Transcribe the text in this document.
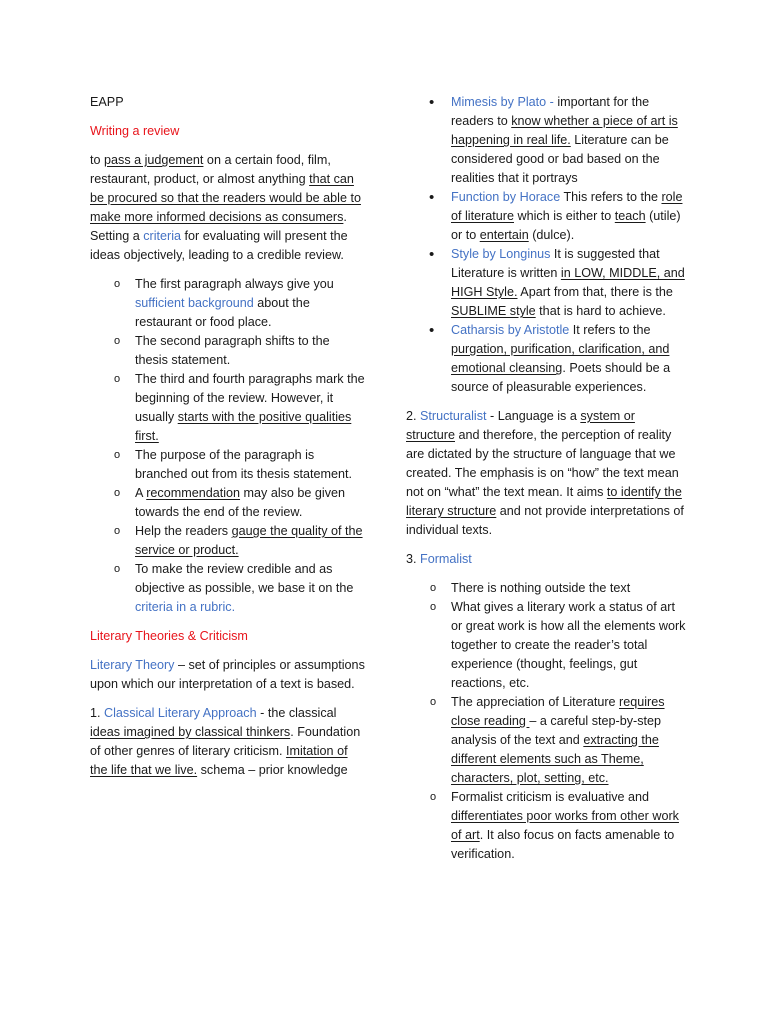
EAPP

Writing a review

to pass a judgement on a certain food, film, restaurant, product, or almost anything that can be procured so that the readers would be able to make more informed decisions as consumers. Setting a criteria for evaluating will present the ideas objectively, leading to a credible review.

o The first paragraph always give you sufficient background about the restaurant or food place.
o The second paragraph shifts to the thesis statement.
o The third and fourth paragraphs mark the beginning of the review. However, it usually starts with the positive qualities first.
o The purpose of the paragraph is branched out from its thesis statement.
o A recommendation may also be given towards the end of the review.
o Help the readers gauge the quality of the service or product.
o To make the review credible and as objective as possible, we base it on the criteria in a rubric.

Literary Theories & Criticism

Literary Theory – set of principles or assumptions upon which our interpretation of a text is based.

1. Classical Literary Approach - the classical ideas imagined by classical thinkers. Foundation of other genres of literary criticism. Imitation of the life that we live. schema – prior knowledge

• Mimesis by Plato - important for the readers to know whether a piece of art is happening in real life. Literature can be considered good or bad based on the realities that it portrays
• Function by Horace This refers to the role of literature which is either to teach (utile) or to entertain (dulce).
• Style by Longinus It is suggested that Literature is written in LOW, MIDDLE, and HIGH Style. Apart from that, there is the SUBLIME style that is hard to achieve.
• Catharsis by Aristotle It refers to the purgation, purification, clarification, and emotional cleansing. Poets should be a source of pleasurable experiences.

2. Structuralist - Language is a system or structure and therefore, the perception of reality are dictated by the structure of language that we created. The emphasis is on “how” the text mean not on “what” the text mean. It aims to identify the literary structure and not provide interpretations of individual texts.

3. Formalist

o There is nothing outside the text
o What gives a literary work a status of art or great work is how all the elements work together to create the reader’s total experience (thought, feelings, gut reactions, etc.
o The appreciation of Literature requires close reading – a careful step-by-step analysis of the text and extracting the different elements such as Theme, characters, plot, setting, etc.
o Formalist criticism is evaluative and differentiates poor works from other work of art. It also focus on facts amenable to verification.
